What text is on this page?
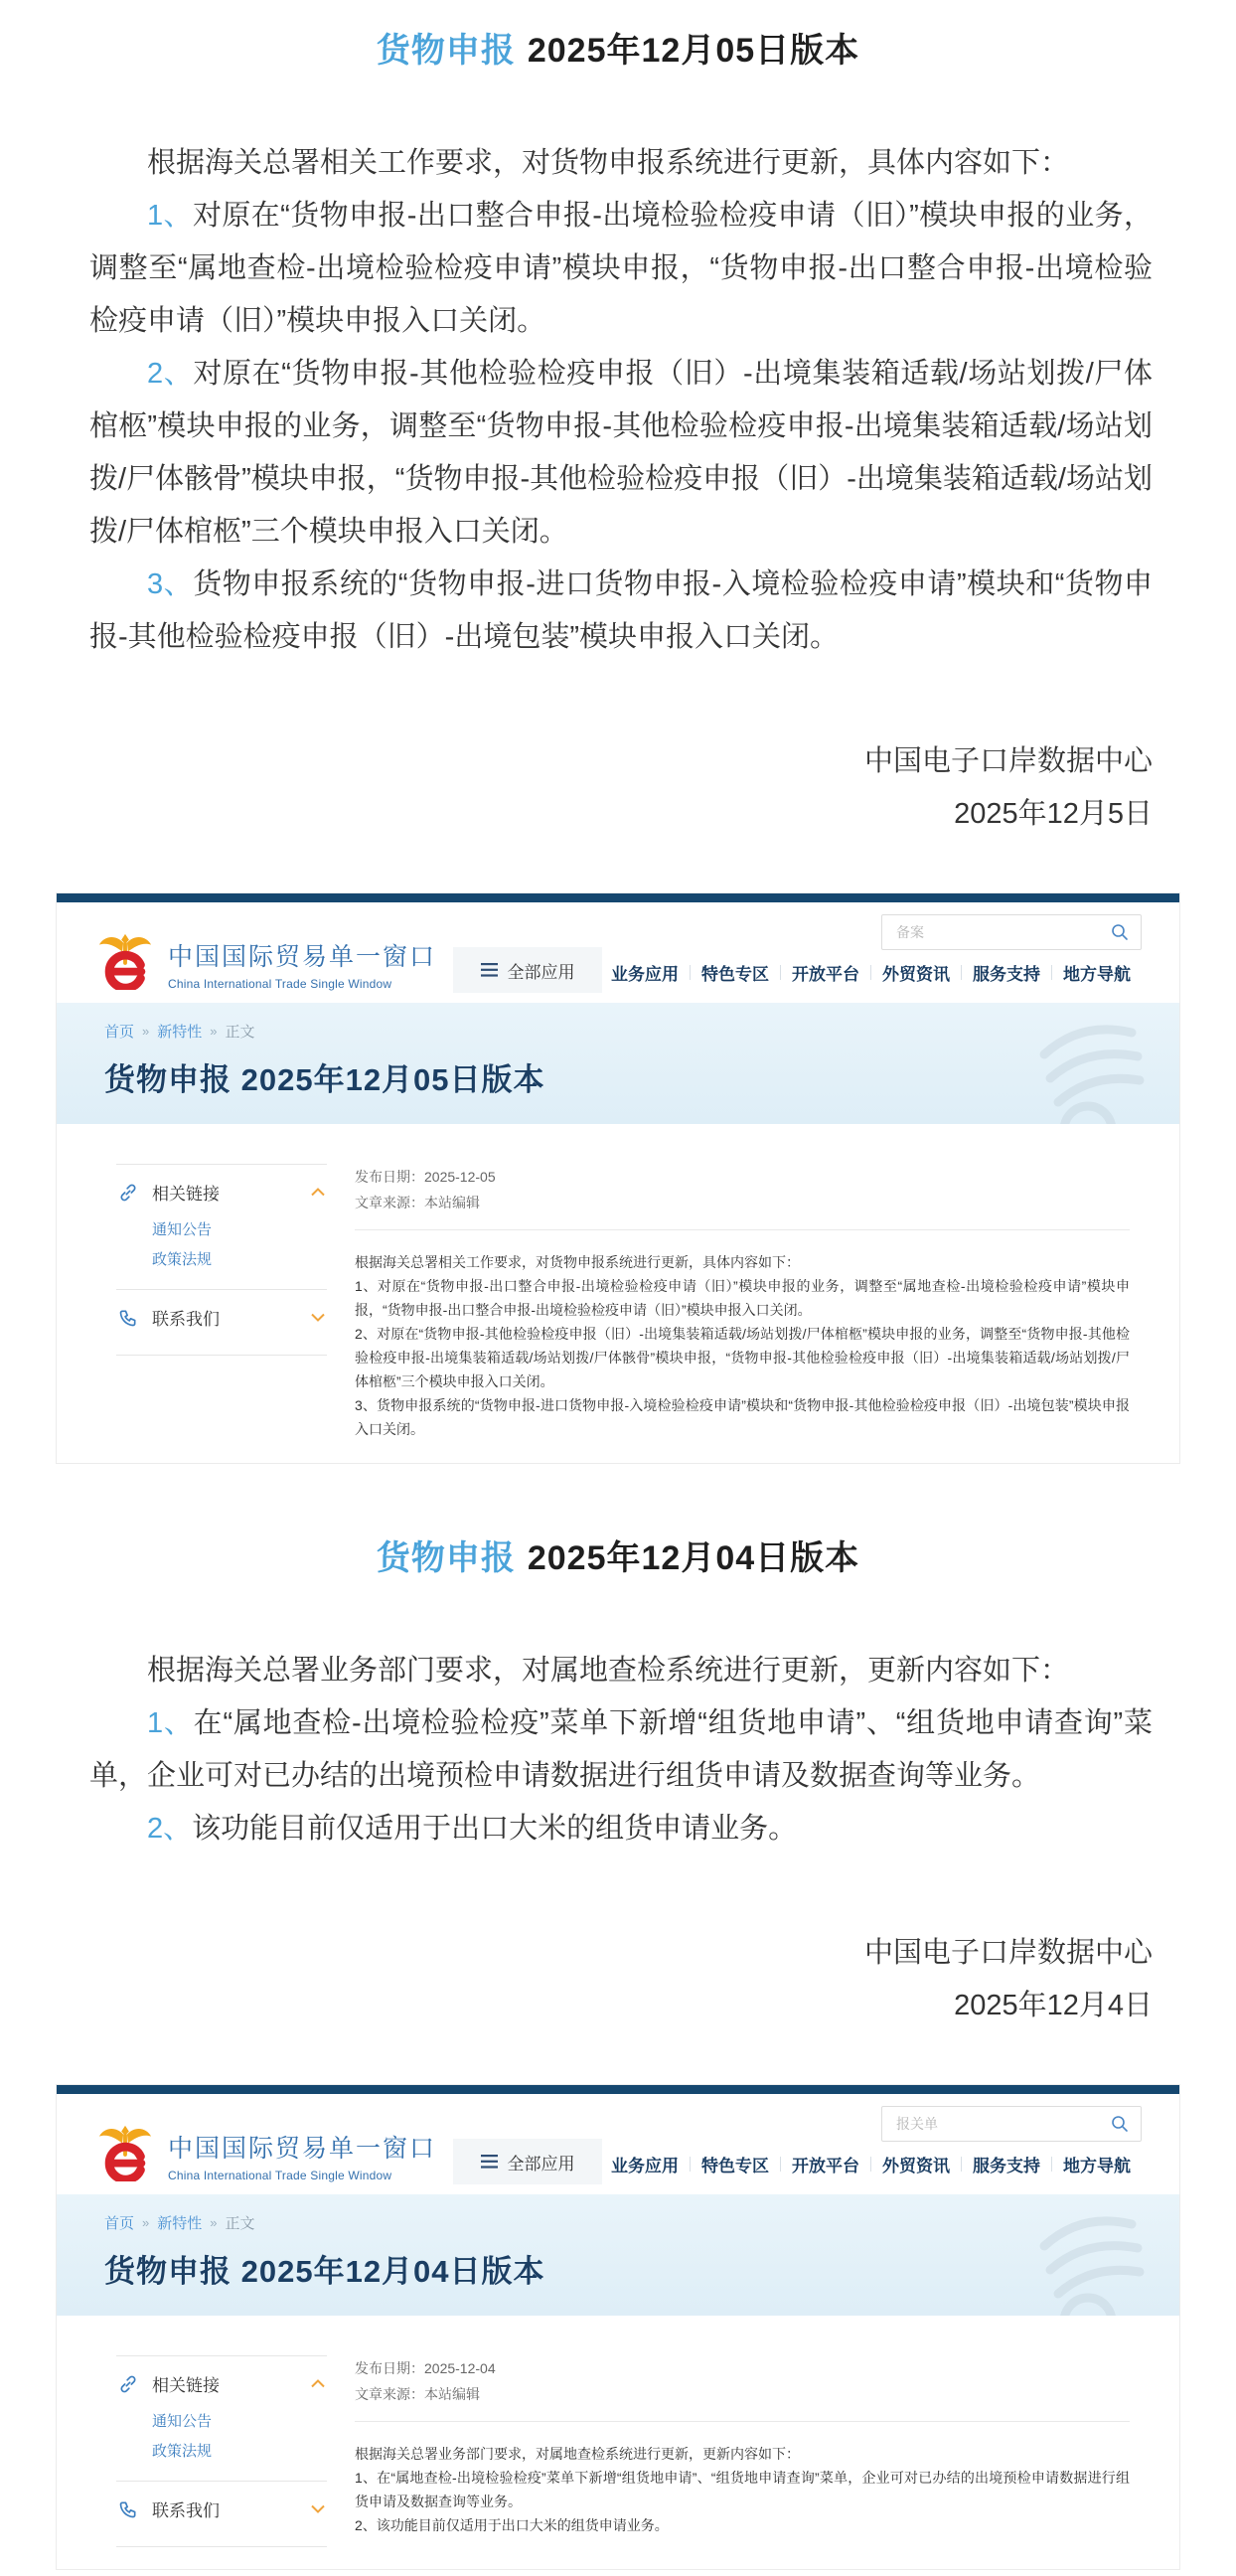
货物申报 2025年12月05日版本

根据海关总署相关工作要求，对货物申报系统进行更新，具体内容如下：

1、对原在“货物申报-出口整合申报-出境检验检疫申请（旧）”模块申报的业务，调整至“属地查检-出境检验检疫申请”模块申报，“货物申报-出口整合申报-出境检验检疫申请（旧）”模块申报入口关闭。

2、对原在“货物申报-其他检验检疫申报（旧）-出境集装箱适载/场站划拨/尸体棺柩”模块申报的业务，调整至“货物申报-其他检验检疫申报-出境集装箱适载/场站划拨/尸体骸骨”模块申报，“货物申报-其他检验检疫申报（旧）-出境集装箱适载/场站划拨/尸体棺柩”三个模块申报入口关闭。

3、货物申报系统的“货物申报-进口货物申报-入境检验检疫申请”模块和“货物申报-其他检验检疫申报（旧）-出境包装”模块申报入口关闭。

中国电子口岸数据中心

2025年12月5日

中国国际贸易单一窗口
China International Trade Single Window
全部应用	业务应用	特色专区	开放平台	外贸资讯	服务支持	地方导航
备案
首页 » 新特性 » 正文
货物申报 2025年12月05日版本
相关链接
通知公告
政策法规
联系我们
发布日期：2025-12-05
文章来源：本站编辑

根据海关总署相关工作要求，对货物申报系统进行更新，具体内容如下：

1、对原在“货物申报-出口整合申报-出境检验检疫申请（旧）”模块申报的业务，调整至“属地查检-出境检验检疫申请”模块申报，“货物申报-出口整合申报-出境检验检疫申请（旧）”模块申报入口关闭。

2、对原在“货物申报-其他检验检疫申报（旧）-出境集装箱适载/场站划拨/尸体棺柩”模块申报的业务，调整至“货物申报-其他检验检疫申报-出境集装箱适载/场站划拨/尸体骸骨”模块申报，“货物申报-其他检验检疫申报（旧）-出境集装箱适载/场站划拨/尸体棺柩”三个模块申报入口关闭。

3、货物申报系统的“货物申报-进口货物申报-入境检验检疫申请”模块和“货物申报-其他检验检疫申报（旧）-出境包装”模块申报入口关闭。

货物申报 2025年12月04日版本

根据海关总署业务部门要求，对属地查检系统进行更新，更新内容如下：

1、在“属地查检-出境检验检疫”菜单下新增“组货地申请”、“组货地申请查询”菜单，企业可对已办结的出境预检申请数据进行组货申请及数据查询等业务。

2、该功能目前仅适用于出口大米的组货申请业务。

中国电子口岸数据中心

2025年12月4日

中国国际贸易单一窗口
China International Trade Single Window
全部应用	业务应用	特色专区	开放平台	外贸资讯	服务支持	地方导航
报关单
首页 » 新特性 » 正文
货物申报 2025年12月04日版本
相关链接
通知公告
政策法规
联系我们
发布日期：2025-12-04
文章来源：本站编辑

根据海关总署业务部门要求，对属地查检系统进行更新，更新内容如下：

1、在“属地查检-出境检验检疫”菜单下新增“组货地申请”、“组货地申请查询”菜单，企业可对已办结的出境预检申请数据进行组货申请及数据查询等业务。

2、该功能目前仅适用于出口大米的组货申请业务。
